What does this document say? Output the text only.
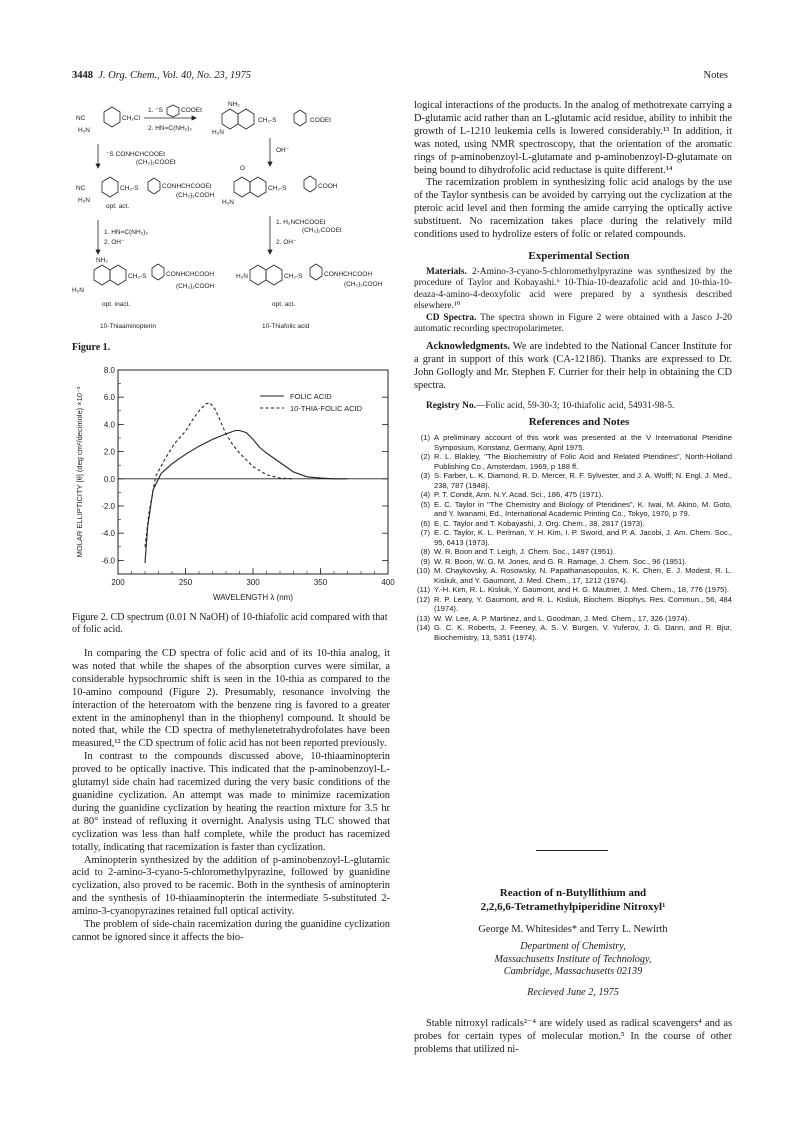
3448 J. Org. Chem., Vol. 40, No. 23, 1975	Notes
NC	CH₂Cl
H₂N
1. ⁻S	COOEt
2. HN=C(NH₂)₂
NH₂
CH₂-S	COOEt
H₂N
OH⁻
⁻S CONHCHCOOEt
(CH₂)₂COOEt
NC	CH₂-S	CONHCHCOOEt
(CH₂)₂COOH
H₂N
opt. act.
O
CH₂-S	COOH
H₂N
1. HN=C(NH₂)₂
2. OH⁻
1. H₂NCHCOOEt
(CH₂)₂COOEt
2. OH⁻
NH₂
CH₂-S	CONHCHCOOH
(CH₂)₂COOH
H₂N
H₂N	CH₂-S	CONHCHCOOH
(CH₂)₂COOH
opt. inact.	opt. act.
10-Thiaaminopterin	10-Thiafolic acid
Figure 1.
8.0
6.0
4.0
2.0
0.0
-2.0
-4.0
-6.0
200	250	300	350	400
WAVELENGTH λ (nm)
MOLAR ELLIPTICITY [θ] (deg cm²/decimole) ×10⁻³	FOLIC ACID
10-THIA-FOLIC ACID
Figure 2. CD spectrum (0.01 N NaOH) of 10-thiafolic acid compared with that of folic acid.

In comparing the CD spectra of folic acid and of its 10-thia analog, it was noted that while the shapes of the absorption curves were similar, a considerable hypsochromic shift is seen in the 10-thia as compared to the 10-amino compound (Figure 2). Presumably, resonance involving the interaction of the heteroatom with the benzene ring is favored to a greater extent in the aminophenyl than in the thiophenyl compound. It should be noted that, while the CD spectra of methylenetetrahydrofolates have been measured,¹² the CD spectrum of folic acid has not been reported previously.

In contrast to the compounds discussed above, 10-thiaaminopterin proved to be optically inactive. This indicated that the p-aminobenzoyl-L-glutamyl side chain had racemized during the very basic conditions of the guanidine cyclization. An attempt was made to minimize racemization during the guanidine cyclization by heating the reaction mixture for 3.5 hr at 80° instead of refluxing it overnight. Analysis using TLC showed that cyclization was less than half complete, while the product has racemized totally, indicating that racemization is faster than cyclization.

Aminopterin synthesized by the addition of p-aminobenzoyl-L-glutamic acid to 2-amino-3-cyano-5-chloromethylpyrazine, followed by guanidine cyclization, also proved to be racemic. Both in the synthesis of aminopterin and the synthesis of 10-thiaaminopterin the intermediate 5-substituted 2-amino-3-cyanopyrazines retained full optical activity.

The problem of side-chain racemization during the guanidine cyclization cannot be ignored since it affects the bio-

logical interactions of the products. In the analog of methotrexate carrying a D-glutamic acid rather than an L-glutamic acid residue, ability to inhibit the growth of L-1210 leukemia cells is lowered considerably.¹³ In addition, it was noted, using NMR spectroscopy, that the orientation of the aromatic rings of p-aminobenzoyl-L-glutamate and p-aminobenzoyl-D-glutamate on being bound to dihydrofolic acid reductase is quite different.¹⁴

The racemization problem in synthesizing folic acid analogs by the use of the Taylor synthesis can be avoided by carrying out the cyclization at the pteroic acid level and then forming the amide carrying the optically active substituent. No racemization takes place during the relatively mild conditions used to hydrolize esters of folic or related compounds.

Experimental Section

Materials. 2-Amino-3-cyano-5-chloromethylpyrazine was synthesized by the procedure of Taylor and Kobayashi.⁶ 10-Thia-10-deazafolic acid and 10-thia-10-deaza-4-amino-4-deoxyfolic acid were prepared by a synthesis described elsewhere.¹⁰

CD Spectra. The spectra shown in Figure 2 were obtained with a Jasco J-20 automatic recording spectropolarimeter.

Acknowledgments. We are indebted to the National Cancer Institute for a grant in support of this work (CA-12186). Thanks are expressed to Dr. John Gollogly and Mr. Stephen F. Currier for their help in obtaining the CD spectra.

Registry No.—Folic acid, 59-30-3; 10-thiafolic acid, 54931-98-5.

References and Notes

(1) A preliminary account of this work was presented at the V International Pteridine Symposium, Konstanz, Germany, April 1975.
(2) R. L. Blakley, "The Biochemistry of Folic Acid and Related Pteridines", North-Holland Publishing Co., Amsterdam, 1969, p 188 ff.
(3) S. Farber, L. K. Diamond, R. D. Mercer, R. F. Sylvester, and J. A. Wolff; N. Engl. J. Med., 238, 787 (1948).
(4) P. T. Condit, Ann. N.Y. Acad. Sci., 186, 475 (1971).
(5) E. C. Taylor in "The Chemistry and Biology of Pteridines", K. Iwai, M. Akino, M. Goto, and Y. Iwanami, Ed., International Academic Printing Co., Tokyo, 1970, p 79.
(6) E. C. Taylor and T. Kobayashi, J. Org. Chem., 38, 2817 (1973).
(7) E. C. Taylor, K. L. Perlman, Y. H. Kim, I. P. Sword, and P. A. Jacobi, J. Am. Chem. Soc., 95, 6413 (1973).
(8) W. R. Boon and T. Leigh, J. Chem. Soc., 1497 (1951).
(9) W. R. Boon, W. G. M. Jones, and G. R. Ramage, J. Chem. Soc., 96 (1951).
(10) M. Chaykovsky, A. Rosowsky, N. Papathanasopoulos, K. K. Chen, E. J. Modest, R. L. Kisliuk, and Y. Gaumont, J. Med. Chem., 17, 1212 (1974).
(11) Y.-H. Kim, R. L. Kisliuk, Y. Gaumont, and H. G. Mautner, J. Med. Chem., 18, 776 (1975).
(12) R. P. Leary, Y. Gaumont, and R. L. Kisliuk, Biochem. Biophys. Res. Commun., 56, 484 (1974).
(13) W. W. Lee, A. P. Martinez, and L. Goodman, J. Med. Chem., 17, 326 (1974).
(14) G. C. K. Roberts, J. Feeney, A. S. V. Burgen, V. Yuferov, J. G. Dann, and R. Bjur, Biochemistry, 13, 5351 (1974).
Reaction of n-Butyllithium and
2,2,6,6-Tetramethylpiperidine Nitroxyl¹
George M. Whitesides* and Terry L. Newirth
Department of Chemistry,
Massachusetts Institute of Technology,
Cambridge, Massachusetts 02139
Recieved June 2, 1975

Stable nitroxyl radicals²⁻⁴ are widely used as radical scavengers⁴ and as probes for certain types of molecular motion.⁵ In the course of other problems that utilized ni-
